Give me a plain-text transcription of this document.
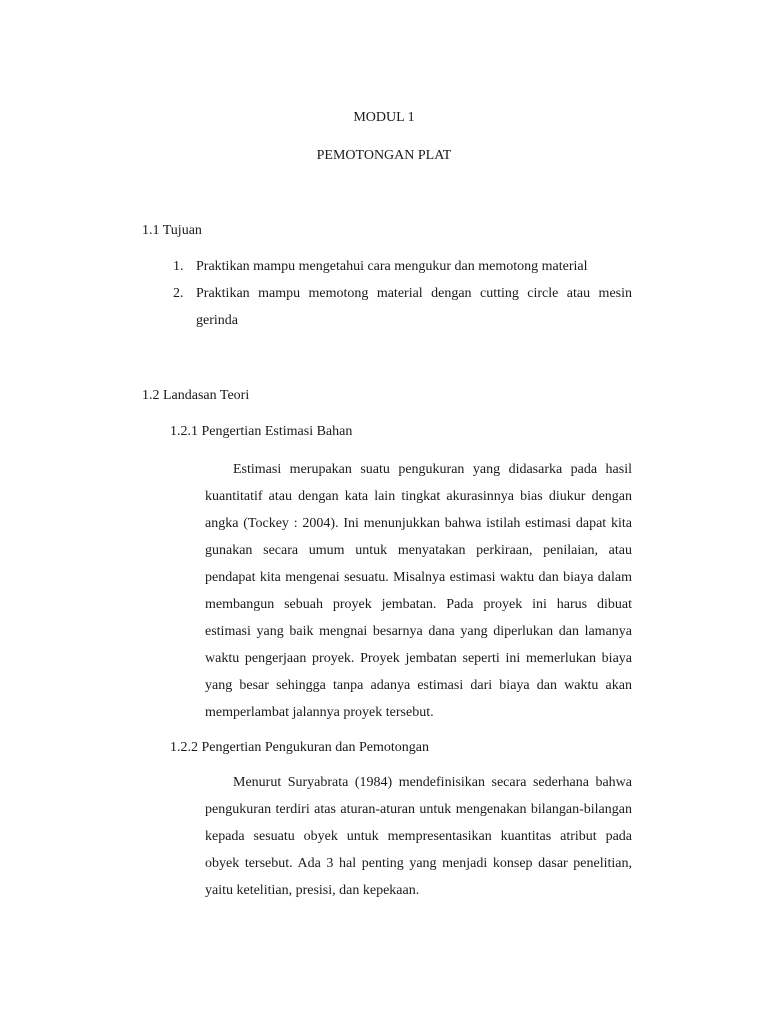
MODUL 1
PEMOTONGAN PLAT
1.1 Tujuan
1. Praktikan mampu mengetahui cara mengukur dan memotong material
2. Praktikan mampu memotong material dengan cutting circle atau mesin
gerinda
1.2 Landasan Teori
1.2.1 Pengertian Estimasi Bahan
Estimasi merupakan suatu pengukuran yang didasarka pada hasil
kuantitatif atau dengan kata lain tingkat akurasinnya bias diukur dengan
angka (Tockey : 2004). Ini menunjukkan bahwa istilah estimasi dapat kita
gunakan secara umum untuk menyatakan perkiraan, penilaian, atau
pendapat kita mengenai sesuatu. Misalnya estimasi waktu dan biaya dalam
membangun sebuah proyek jembatan. Pada proyek ini harus dibuat
estimasi yang baik mengnai besarnya dana yang diperlukan dan lamanya
waktu pengerjaan proyek. Proyek jembatan seperti ini memerlukan biaya
yang besar sehingga tanpa adanya estimasi dari biaya dan waktu akan
memperlambat jalannya proyek tersebut.
1.2.2 Pengertian Pengukuran dan Pemotongan
Menurut Suryabrata (1984) mendefinisikan secara sederhana bahwa
pengukuran terdiri atas aturan-aturan untuk mengenakan bilangan-bilangan
kepada sesuatu obyek untuk mempresentasikan kuantitas atribut pada
obyek tersebut. Ada 3 hal penting yang menjadi konsep dasar penelitian,
yaitu ketelitian, presisi, dan kepekaan.
